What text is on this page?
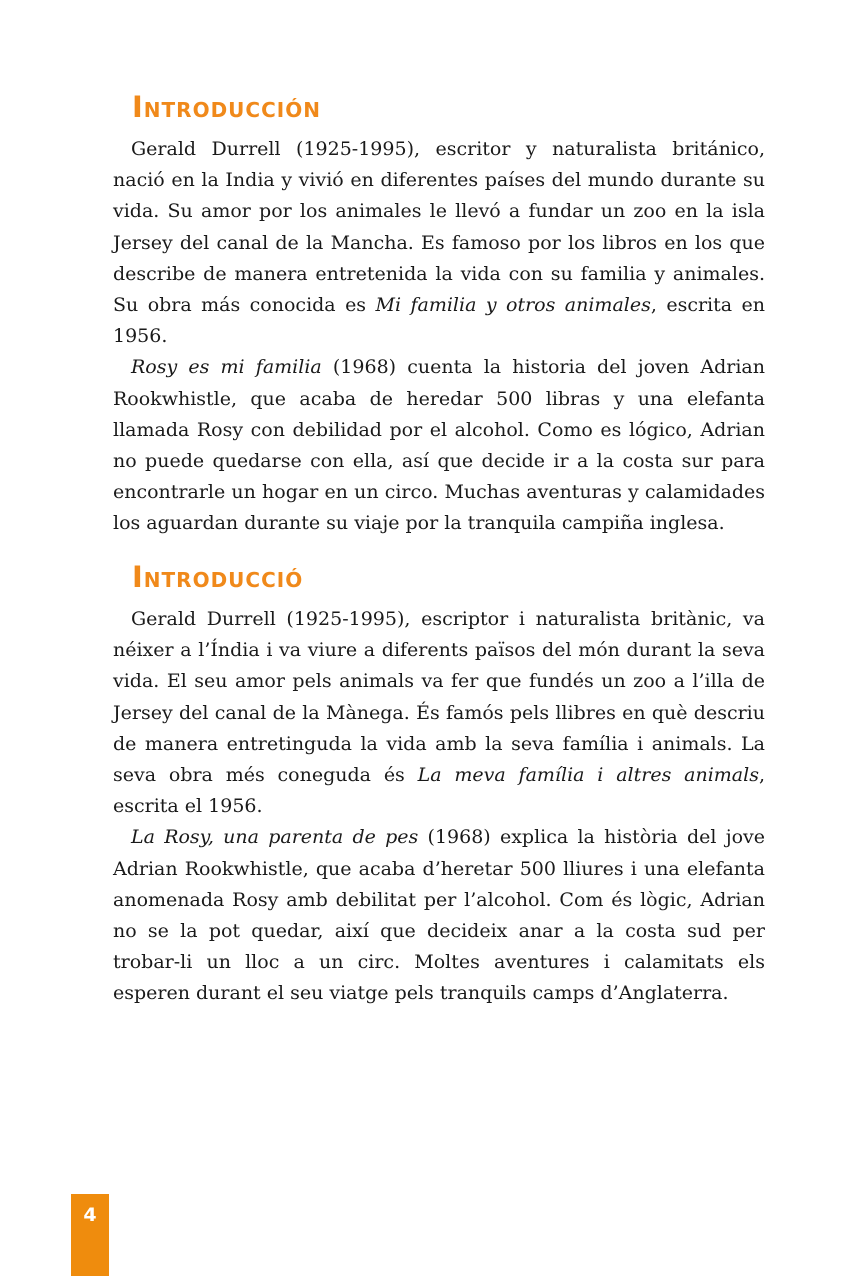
Introducción

Gerald Durrell (1925-1995), escritor y naturalista británico, nació en la India y vivió en diferentes países del mundo durante su vida. Su amor por los animales le llevó a fundar un zoo en la isla Jersey del canal de la Mancha. Es famoso por los libros en los que describe de manera entretenida la vida con su familia y animales. Su obra más conocida es Mi familia y otros animales, escrita en 1956.

Rosy es mi familia (1968) cuenta la historia del joven Adrian Rookwhistle, que acaba de heredar 500 libras y una elefanta llamada Rosy con debilidad por el alcohol. Como es lógico, Adrian no puede quedarse con ella, así que decide ir a la costa sur para encontrarle un hogar en un circo. Muchas aventuras y calamidades los aguardan durante su viaje por la tranquila campiña inglesa.

Introducció

Gerald Durrell (1925-1995), escriptor i naturalista britànic, va néixer a l’Índia i va viure a diferents països del món durant la seva vida. El seu amor pels animals va fer que fundés un zoo a l’illa de Jersey del canal de la Mànega. És famós pels llibres en què descriu de manera entretinguda la vida amb la seva família i animals. La seva obra més coneguda és La meva família i altres animals, escrita el 1956.

La Rosy, una parenta de pes (1968) explica la història del jove Adrian Rookwhistle, que acaba d’heretar 500 lliures i una elefanta anomenada Rosy amb debilitat per l’alcohol. Com és lògic, Adrian no se la pot quedar, així que decideix anar a la costa sud per trobar-li un lloc a un circ. Moltes aventures i calamitats els esperen durant el seu viatge pels tranquils camps d’Anglaterra.

4
